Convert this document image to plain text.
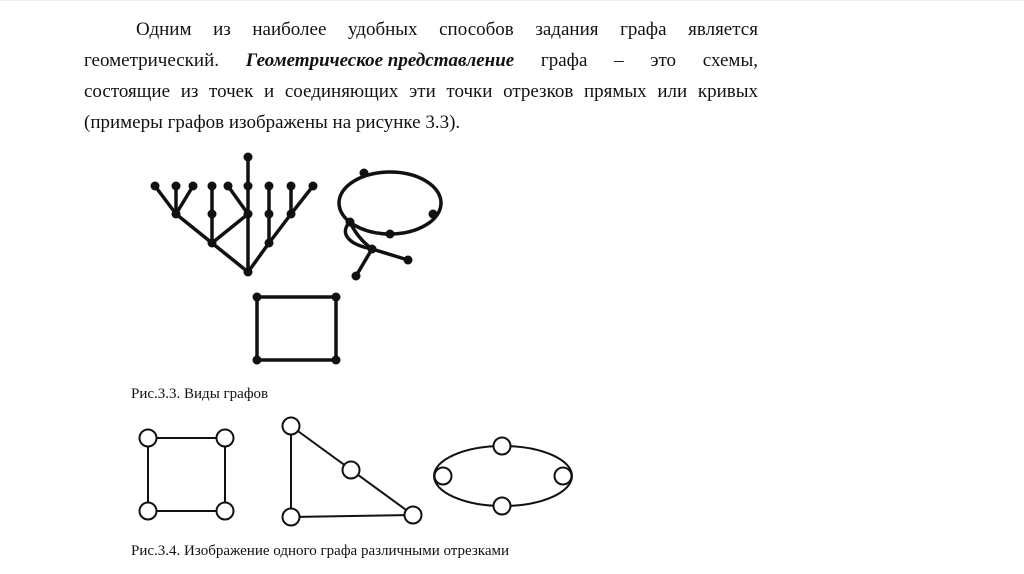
Одним из наиболее удобных способов задания графа является
геометрический. Геометрическое представление графа – это схемы,
состоящие из точек и соединяющих эти точки отрезков прямых или кривых
(примеры графов изображены на рисунке 3.3).
Рис.3.3. Виды графов
Рис.3.4. Изображение одного графа различными отрезками
